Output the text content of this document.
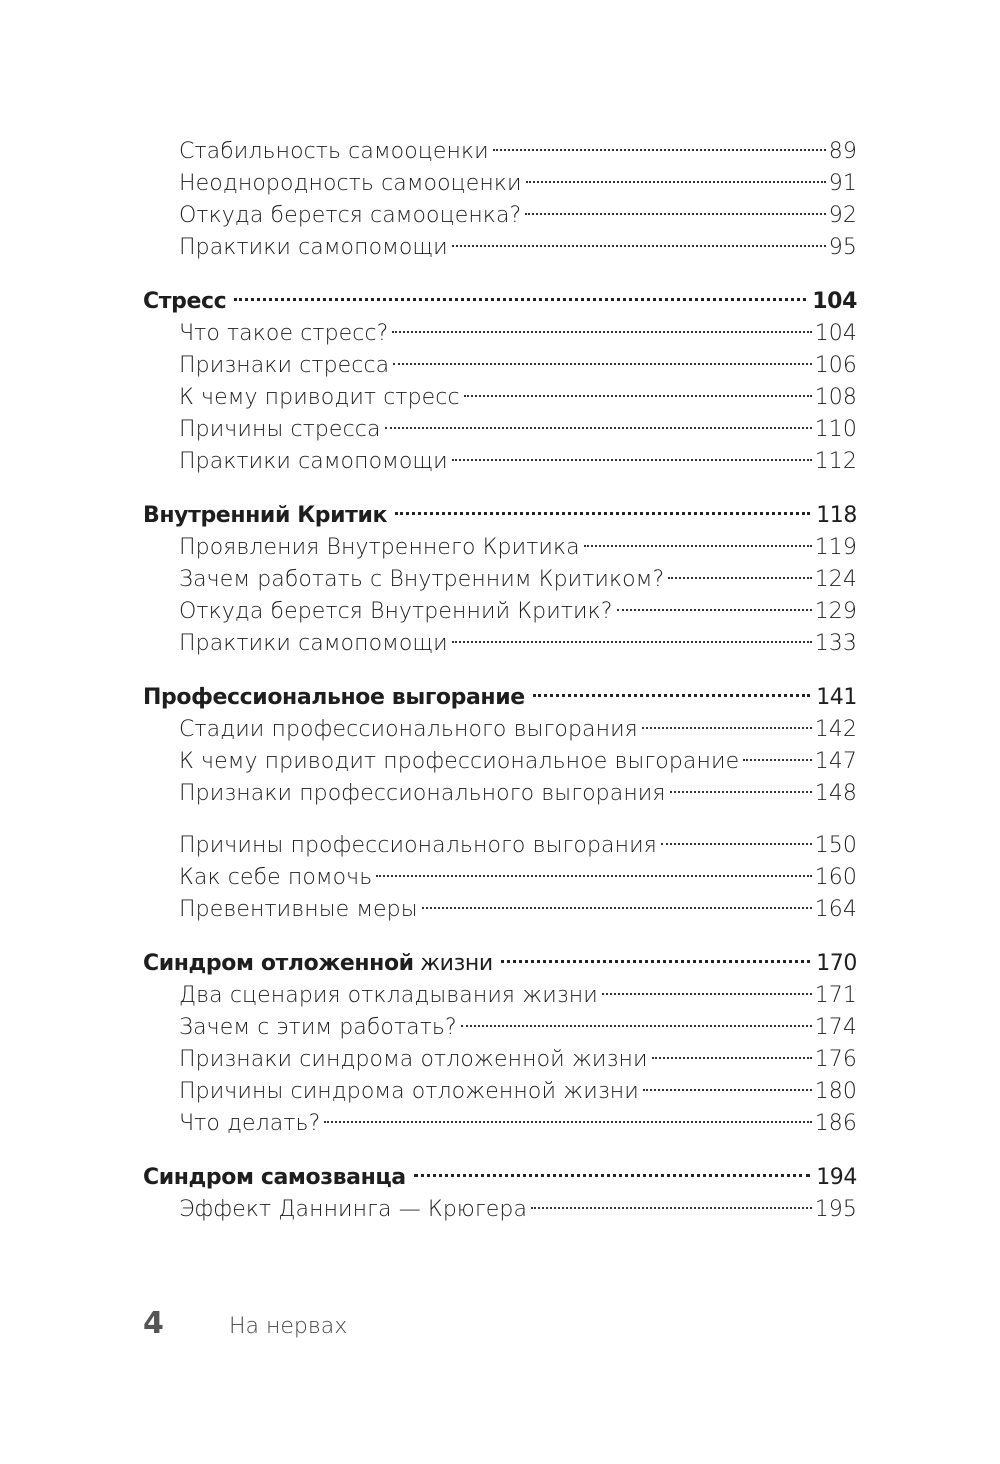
Стабильность самооценки	89
Неоднородность самооценки	91
Откуда берется самооценка?	92
Практики самопомощи	95
Стресс	104
Что такое стресс?	104
Признаки стресса	106
К чему приводит стресс	108
Причины стресса	110
Практики самопомощи	112
Внутренний Критик	118
Проявления Внутреннего Критика	119
Зачем работать с Внутренним Критиком?	124
Откуда берется Внутренний Критик?	129
Практики самопомощи	133
Профессиональное выгорание	141
Стадии профессионального выгорания	142
К чему приводит профессиональное выгорание	147
Признаки профессионального выгорания	148
Причины профессионального выгорания	150
Как себе помочь	160
Превентивные меры	164
Синдром отложенной жизни	170
Два сценария откладывания жизни	171
Зачем с этим работать?	174
Признаки синдрома отложенной жизни	176
Причины синдрома отложенной жизни	180
Что делать?	186
Синдром самозванца	194
Эффект Даннинга — Крюгера	195
4	На нервах
